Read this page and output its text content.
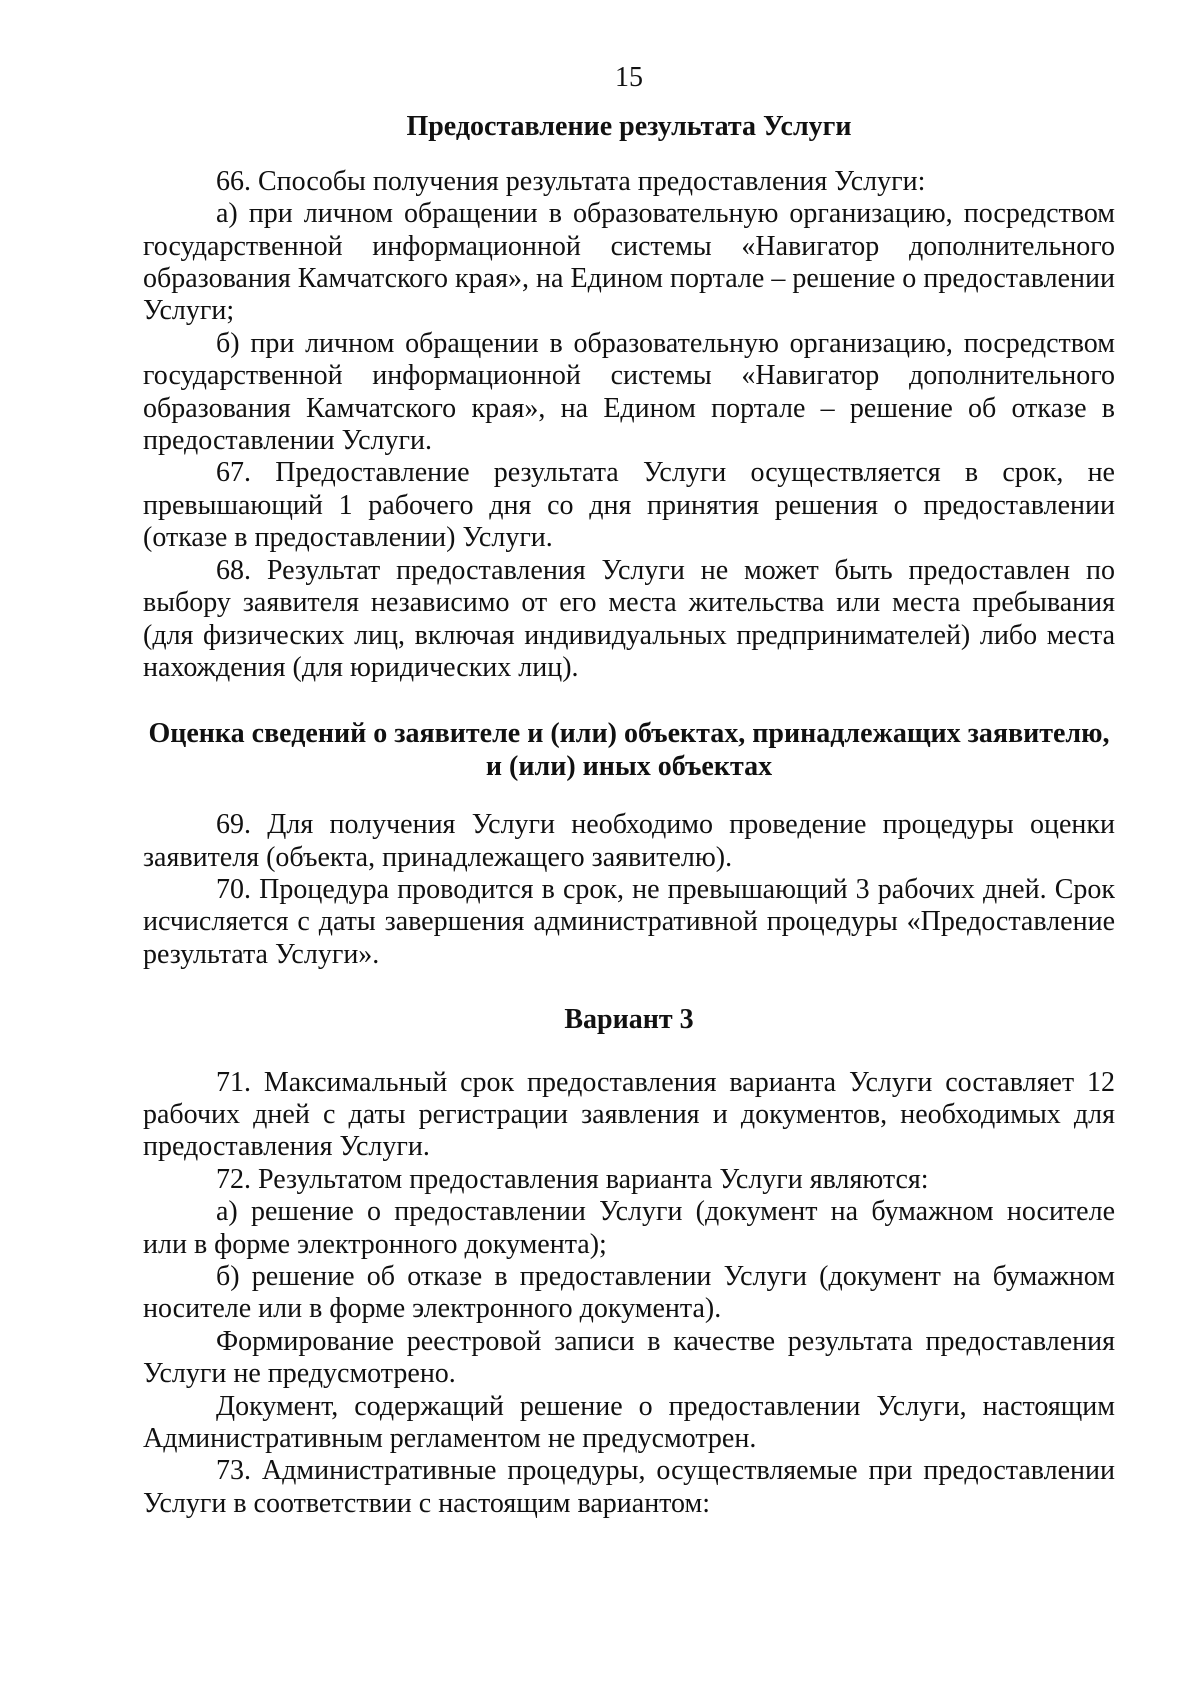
15

Предоставление результата Услуги

66. Способы получения результата предоставления Услуги:

а) при личном обращении в образовательную организацию, посредством государственной информационной системы «Навигатор дополнительного образования Камчатского края», на Едином портале – решение о предоставлении Услуги;

б) при личном обращении в образовательную организацию, посредством государственной информационной системы «Навигатор дополнительного образования Камчатского края», на Едином портале – решение об отказе в предоставлении Услуги.

67. Предоставление результата Услуги осуществляется в срок, не превышающий 1 рабочего дня со дня принятия решения о предоставлении (отказе в предоставлении) Услуги.

68. Результат предоставления Услуги не может быть предоставлен по выбору заявителя независимо от его места жительства или места пребывания (для физических лиц, включая индивидуальных предпринимателей) либо места нахождения (для юридических лиц).

Оценка сведений о заявителе и (или) объектах, принадлежащих заявителю,
и (или) иных объектах

69. Для получения Услуги необходимо проведение процедуры оценки заявителя (объекта, принадлежащего заявителю).

70. Процедура проводится в срок, не превышающий 3 рабочих дней. Срок исчисляется с даты завершения административной процедуры «Предоставление результата Услуги».

Вариант 3

71. Максимальный срок предоставления варианта Услуги составляет 12 рабочих дней с даты регистрации заявления и документов, необходимых для предоставления Услуги.

72. Результатом предоставления варианта Услуги являются:

а) решение о предоставлении Услуги (документ на бумажном носителе или в форме электронного документа);

б) решение об отказе в предоставлении Услуги (документ на бумажном носителе или в форме электронного документа).

Формирование реестровой записи в качестве результата предоставления Услуги не предусмотрено.

Документ, содержащий решение о предоставлении Услуги, настоящим Административным регламентом не предусмотрен.

73. Административные процедуры, осуществляемые при предоставлении Услуги в соответствии с настоящим вариантом:
